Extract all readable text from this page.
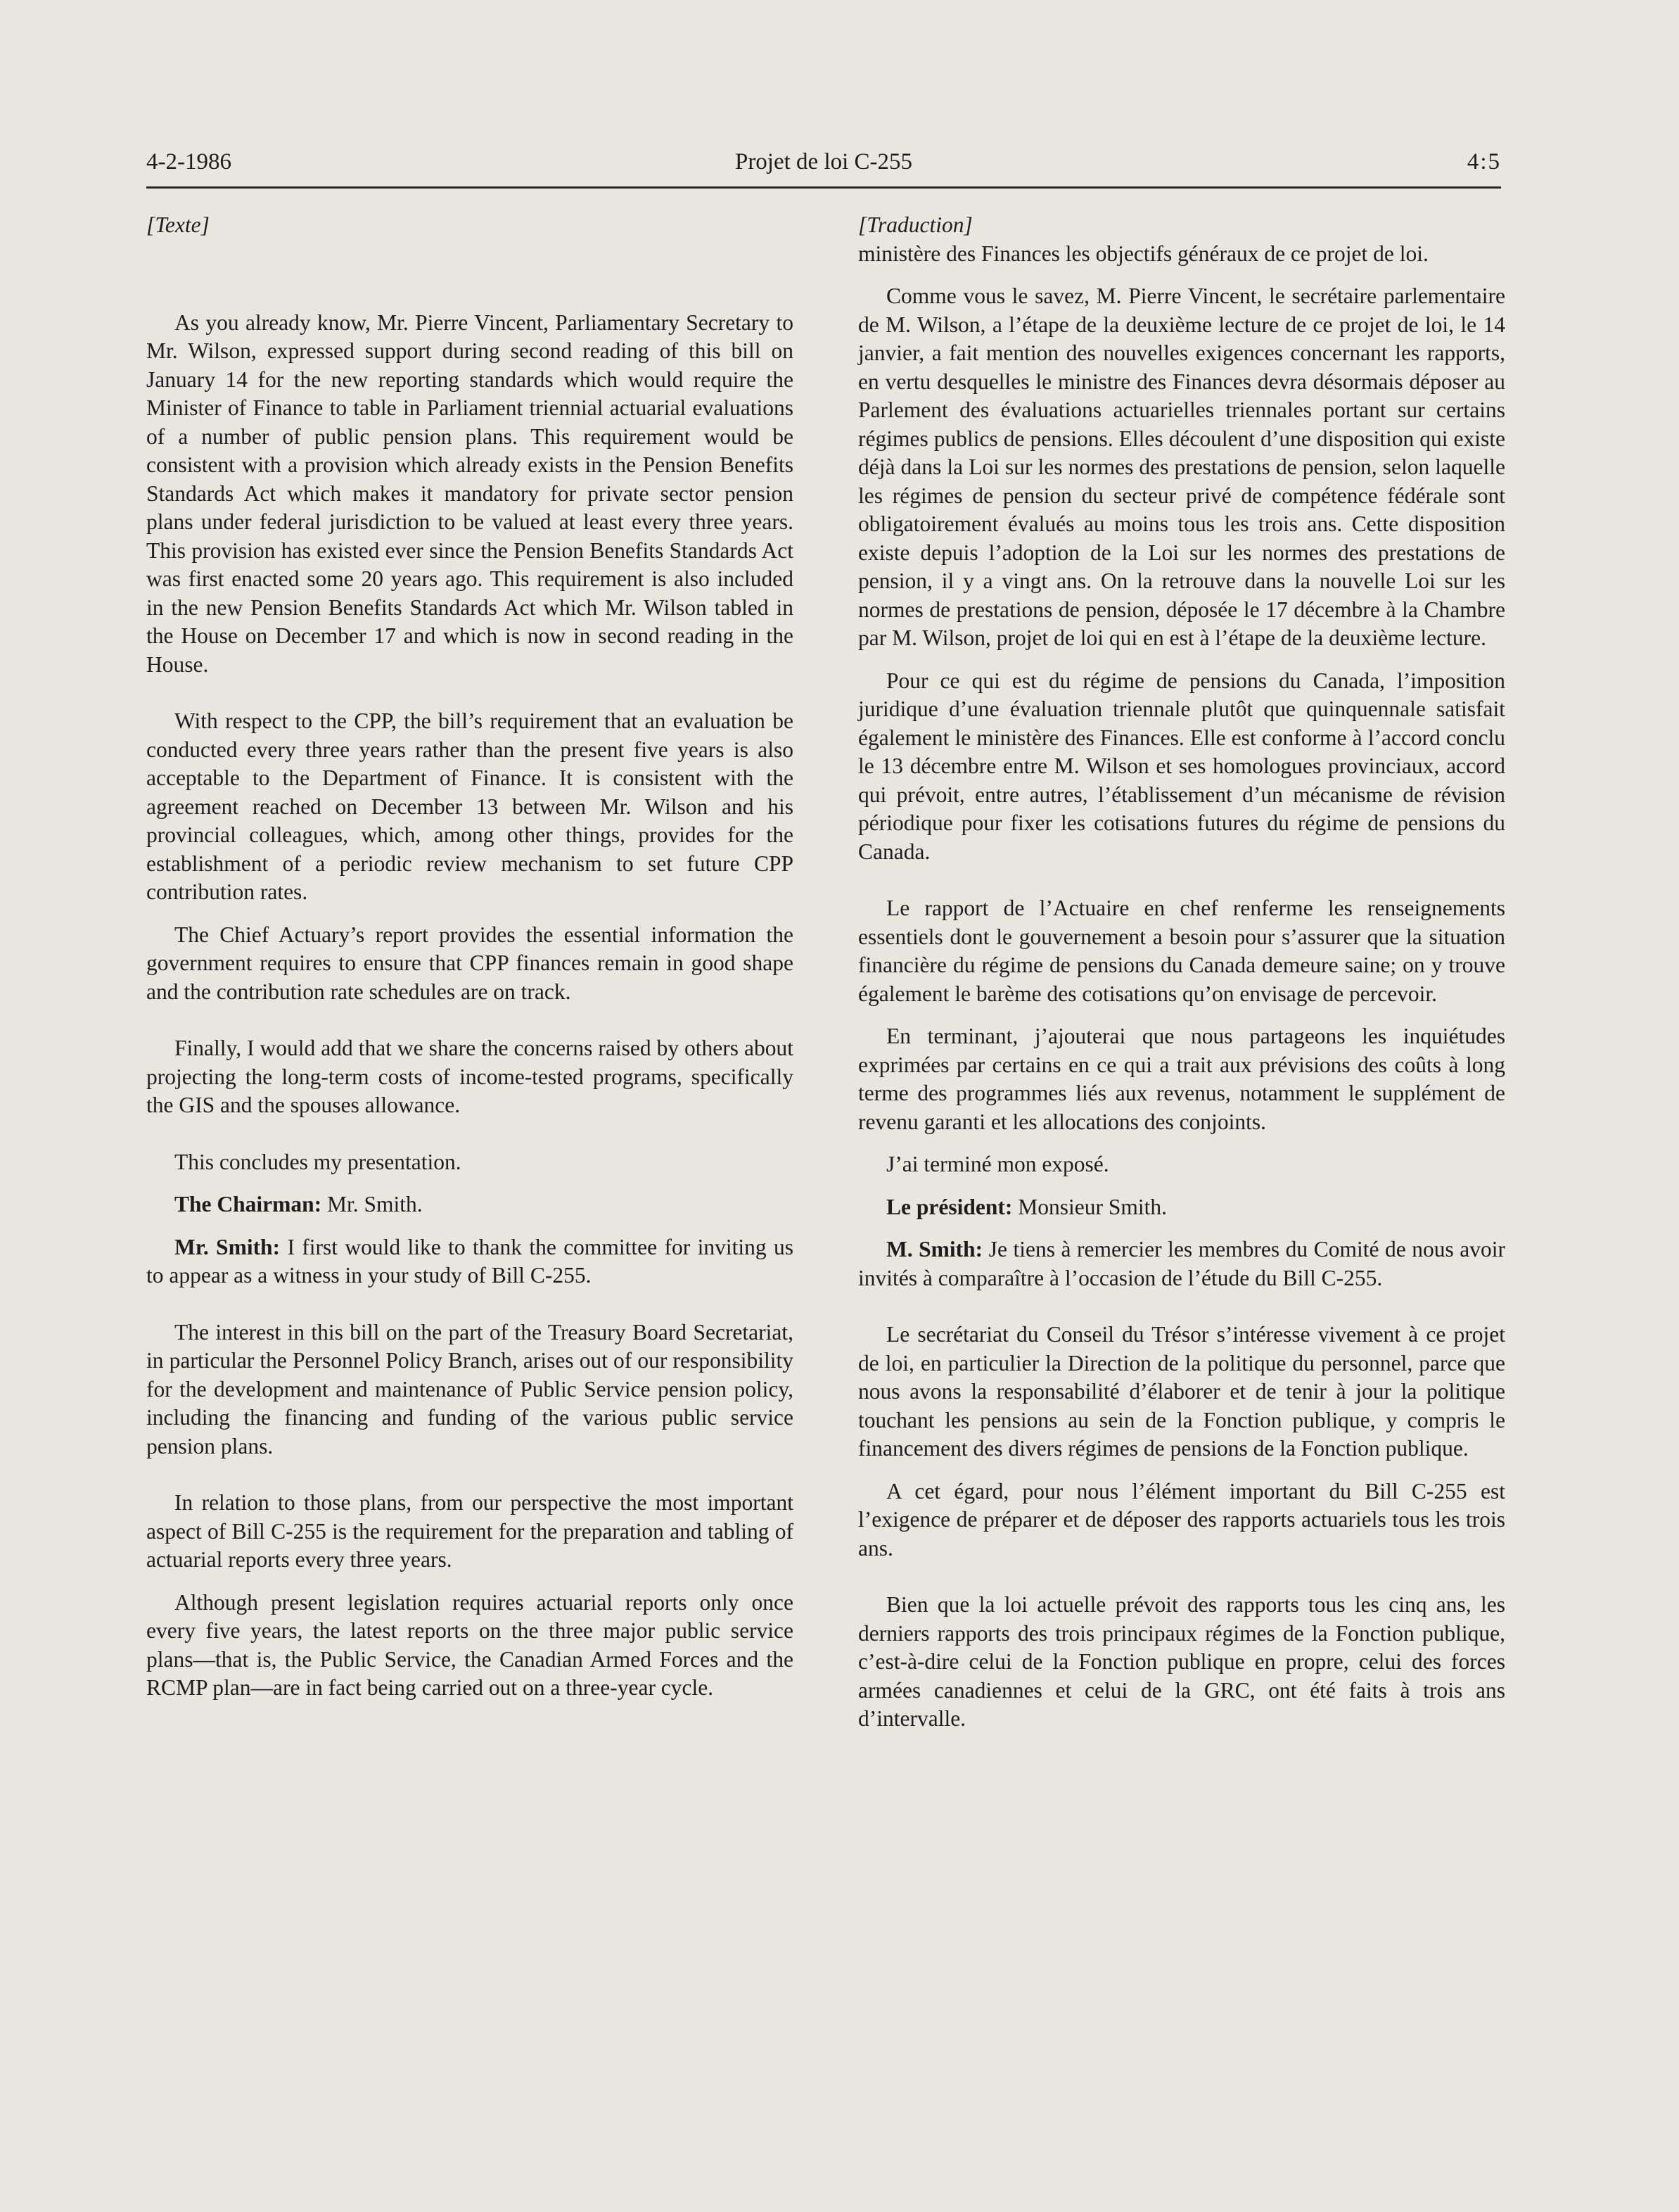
4-2-1986	Projet de loi C-255	4:5

[Texte]

As you already know, Mr. Pierre Vincent, Parliamentary Secretary to Mr. Wilson, expressed support during second reading of this bill on January 14 for the new reporting standards which would require the Minister of Finance to table in Parliament triennial actuarial evaluations of a number of public pension plans. This requirement would be consistent with a provision which already exists in the Pension Benefits Standards Act which makes it mandatory for private sector pension plans under federal jurisdiction to be valued at least every three years. This provision has existed ever since the Pension Benefits Standards Act was first enacted some 20 years ago. This requirement is also included in the new Pension Benefits Standards Act which Mr. Wilson tabled in the House on December 17 and which is now in second reading in the House.

With respect to the CPP, the bill’s requirement that an evaluation be conducted every three years rather than the present five years is also acceptable to the Department of Finance. It is consistent with the agreement reached on December 13 between Mr. Wilson and his provincial colleagues, which, among other things, provides for the establishment of a periodic review mechanism to set future CPP contribution rates.

The Chief Actuary’s report provides the essential information the government requires to ensure that CPP finances remain in good shape and the contribution rate schedules are on track.

Finally, I would add that we share the concerns raised by others about projecting the long-term costs of income-tested programs, specifically the GIS and the spouses allowance.

This concludes my presentation.

The Chairman: Mr. Smith.

Mr. Smith: I first would like to thank the committee for inviting us to appear as a witness in your study of Bill C-255.

The interest in this bill on the part of the Treasury Board Secretariat, in particular the Personnel Policy Branch, arises out of our responsibility for the development and maintenance of Public Service pension policy, including the financing and funding of the various public service pension plans.

In relation to those plans, from our perspective the most important aspect of Bill C-255 is the requirement for the preparation and tabling of actuarial reports every three years.

Although present legislation requires actuarial reports only once every five years, the latest reports on the three major public service plans—that is, the Public Service, the Canadian Armed Forces and the RCMP plan—are in fact being carried out on a three-year cycle.

[Traduction]

ministère des Finances les objectifs généraux de ce projet de loi.

Comme vous le savez, M. Pierre Vincent, le secrétaire parlementaire de M. Wilson, a l’étape de la deuxième lecture de ce projet de loi, le 14 janvier, a fait mention des nouvelles exigences concernant les rapports, en vertu desquelles le ministre des Finances devra désormais déposer au Parlement des évaluations actuarielles triennales portant sur certains régimes publics de pensions. Elles découlent d’une disposition qui existe déjà dans la Loi sur les normes des prestations de pension, selon laquelle les régimes de pension du secteur privé de compétence fédérale sont obligatoirement évalués au moins tous les trois ans. Cette disposition existe depuis l’adoption de la Loi sur les normes des prestations de pension, il y a vingt ans. On la retrouve dans la nouvelle Loi sur les normes de prestations de pension, déposée le 17 décembre à la Chambre par M. Wilson, projet de loi qui en est à l’étape de la deuxième lecture.

Pour ce qui est du régime de pensions du Canada, l’imposition juridique d’une évaluation triennale plutôt que quinquennale satisfait également le ministère des Finances. Elle est conforme à l’accord conclu le 13 décembre entre M. Wilson et ses homologues provinciaux, accord qui prévoit, entre autres, l’établissement d’un mécanisme de révision périodique pour fixer les cotisations futures du régime de pensions du Canada.

Le rapport de l’Actuaire en chef renferme les renseignements essentiels dont le gouvernement a besoin pour s’assurer que la situation financière du régime de pensions du Canada demeure saine; on y trouve également le barème des cotisations qu’on envisage de percevoir.

En terminant, j’ajouterai que nous partageons les inquiétudes exprimées par certains en ce qui a trait aux prévisions des coûts à long terme des programmes liés aux revenus, notamment le supplément de revenu garanti et les allocations des conjoints.

J’ai terminé mon exposé.

Le président: Monsieur Smith.

M. Smith: Je tiens à remercier les membres du Comité de nous avoir invités à comparaître à l’occasion de l’étude du Bill C-255.

Le secrétariat du Conseil du Trésor s’intéresse vivement à ce projet de loi, en particulier la Direction de la politique du personnel, parce que nous avons la responsabilité d’élaborer et de tenir à jour la politique touchant les pensions au sein de la Fonction publique, y compris le financement des divers régimes de pensions de la Fonction publique.

A cet égard, pour nous l’élément important du Bill C-255 est l’exigence de préparer et de déposer des rapports actuariels tous les trois ans.

Bien que la loi actuelle prévoit des rapports tous les cinq ans, les derniers rapports des trois principaux régimes de la Fonction publique, c’est-à-dire celui de la Fonction publique en propre, celui des forces armées canadiennes et celui de la GRC, ont été faits à trois ans d’intervalle.
